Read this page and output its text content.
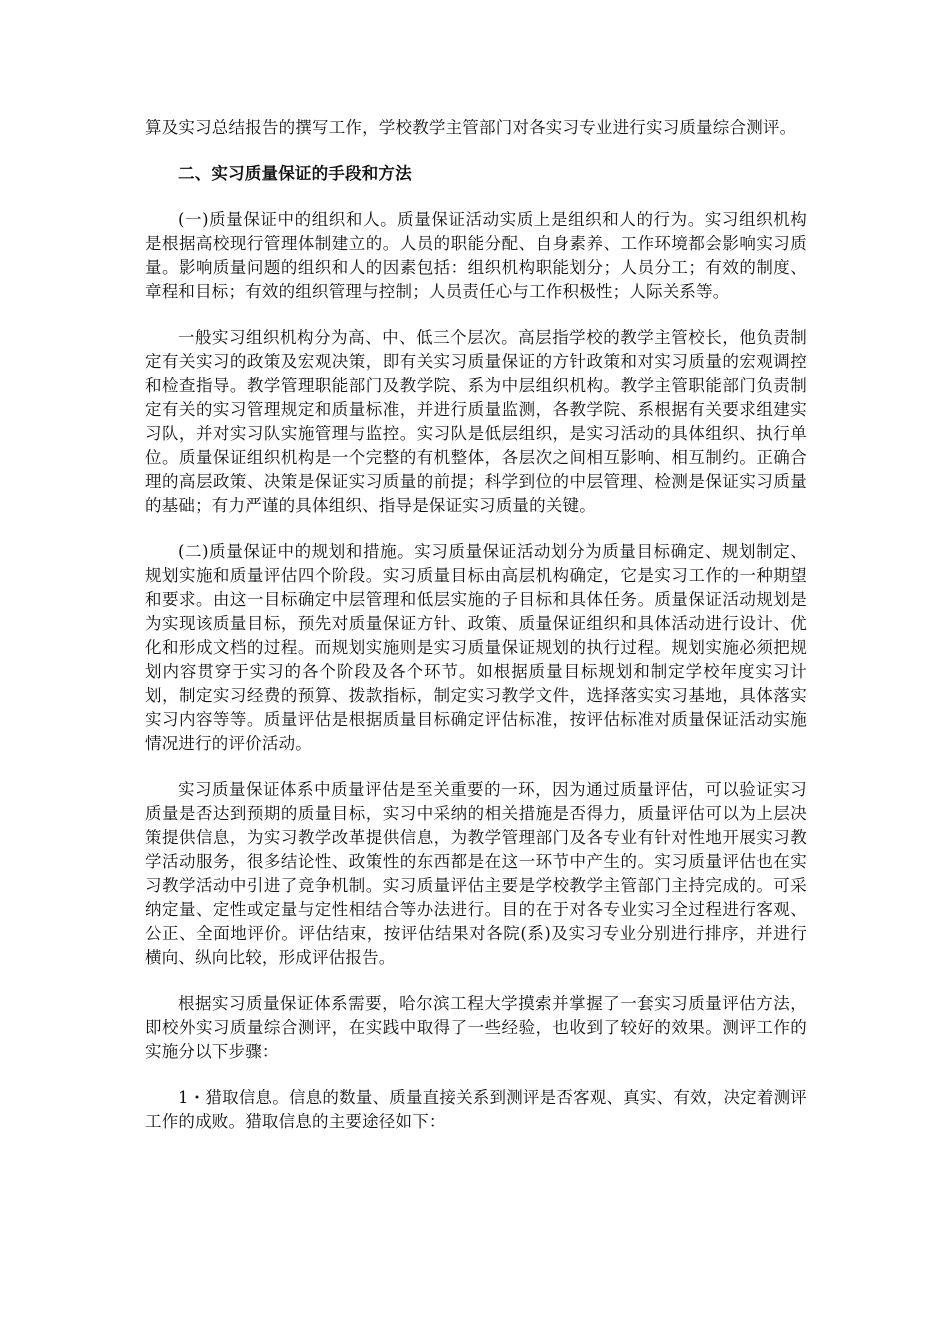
算及实习总结报告的撰写工作，学校教学主管部门对各实习专业进行实习质量综合测评。

二、实习质量保证的手段和方法

(一)质量保证中的组织和人。质量保证活动实质上是组织和人的行为。实习组织机构是根据高校现行管理体制建立的。人员的职能分配、自身素养、工作环境都会影响实习质量。影响质量问题的组织和人的因素包括：组织机构职能划分；人员分工；有效的制度、章程和目标；有效的组织管理与控制；人员责任心与工作积极性；人际关系等。

一般实习组织机构分为高、中、低三个层次。高层指学校的教学主管校长，他负责制定有关实习的政策及宏观决策，即有关实习质量保证的方针政策和对实习质量的宏观调控和检查指导。教学管理职能部门及教学院、系为中层组织机构。教学主管职能部门负责制定有关的实习管理规定和质量标准，并进行质量监测，各教学院、系根据有关要求组建实习队，并对实习队实施管理与监控。实习队是低层组织，是实习活动的具体组织、执行单位。质量保证组织机构是一个完整的有机整体，各层次之间相互影响、相互制约。正确合理的高层政策、决策是保证实习质量的前提；科学到位的中层管理、检测是保证实习质量的基础；有力严谨的具体组织、指导是保证实习质量的关键。

(二)质量保证中的规划和措施。实习质量保证活动划分为质量目标确定、规划制定、规划实施和质量评估四个阶段。实习质量目标由高层机构确定，它是实习工作的一种期望和要求。由这一目标确定中层管理和低层实施的子目标和具体任务。质量保证活动规划是为实现该质量目标，预先对质量保证方针、政策、质量保证组织和具体活动进行设计、优化和形成文档的过程。而规划实施则是实习质量保证规划的执行过程。规划实施必须把规划内容贯穿于实习的各个阶段及各个环节。如根据质量目标规划和制定学校年度实习计划，制定实习经费的预算、拨款指标，制定实习教学文件，选择落实实习基地，具体落实实习内容等等。质量评估是根据质量目标确定评估标准，按评估标准对质量保证活动实施情况进行的评价活动。

实习质量保证体系中质量评估是至关重要的一环，因为通过质量评估，可以验证实习质量是否达到预期的质量目标，实习中采纳的相关措施是否得力，质量评估可以为上层决策提供信息，为实习教学改革提供信息，为教学管理部门及各专业有针对性地开展实习教学活动服务，很多结论性、政策性的东西都是在这一环节中产生的。实习质量评估也在实习教学活动中引进了竞争机制。实习质量评估主要是学校教学主管部门主持完成的。可采纳定量、定性或定量与定性相结合等办法进行。目的在于对各专业实习全过程进行客观、公正、全面地评价。评估结束，按评估结果对各院(系)及实习专业分别进行排序，并进行横向、纵向比较，形成评估报告。

根据实习质量保证体系需要，哈尔滨工程大学摸索并掌握了一套实习质量评估方法，即校外实习质量综合测评，在实践中取得了一些经验，也收到了较好的效果。测评工作的实施分以下步骤：

1・猎取信息。信息的数量、质量直接关系到测评是否客观、真实、有效，决定着测评工作的成败。猎取信息的主要途径如下：
